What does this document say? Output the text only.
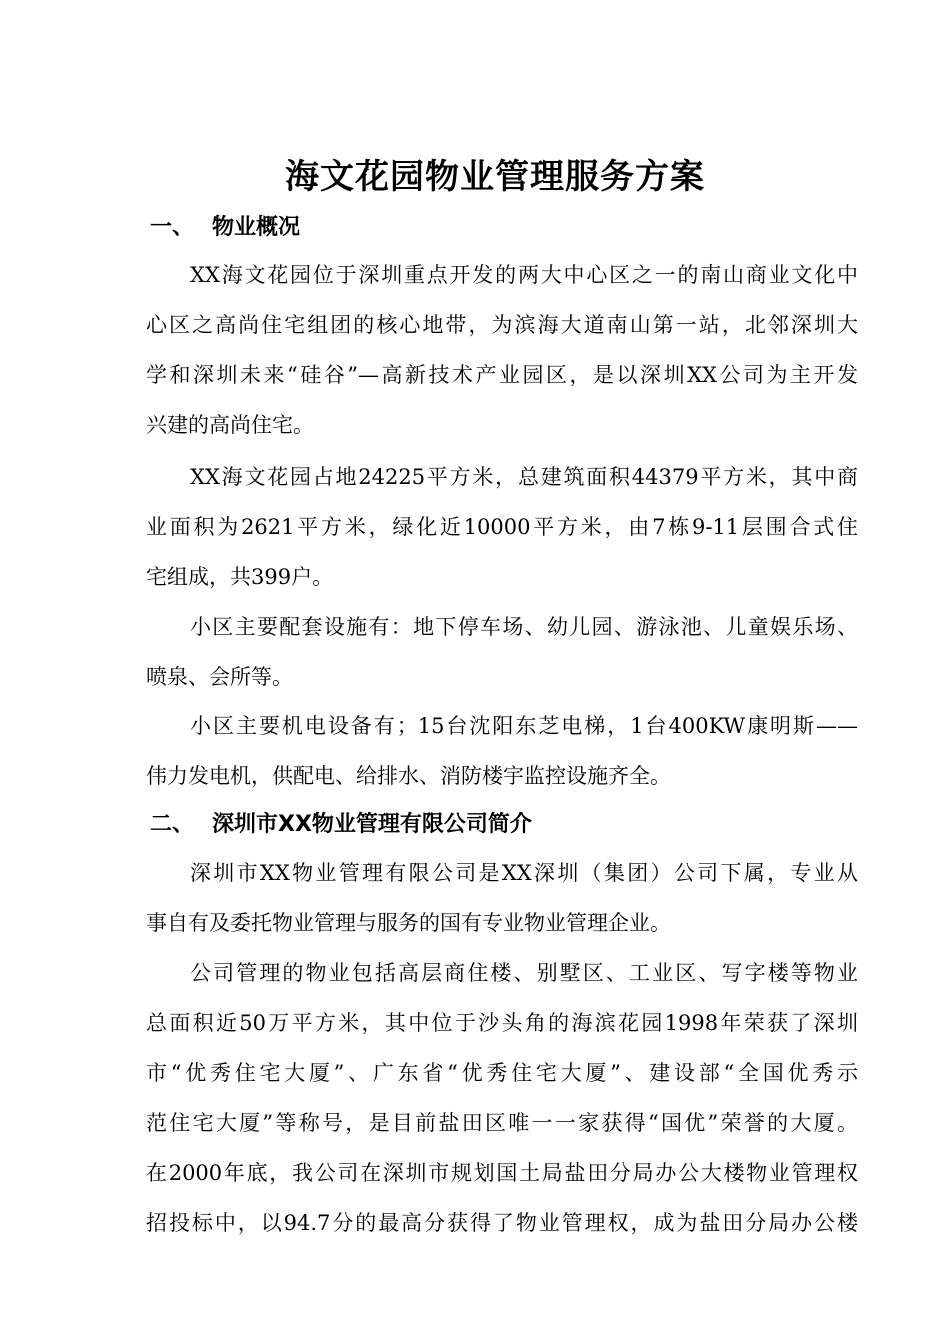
海文花园物业管理服务方案
一、 物业概况
XX海文花园位于深圳重点开发的两大中心区之一的南山商业文化中
心区之高尚住宅组团的核心地带，为滨海大道南山第一站，北邻深圳大
学和深圳未来“硅谷”—高新技术产业园区，是以深圳XX公司为主开发
兴建的高尚住宅。
XX海文花园占地24225平方米，总建筑面积44379平方米，其中商
业面积为2621平方米，绿化近10000平方米，由7栋9-11层围合式住
宅组成，共399户。
小区主要配套设施有：地下停车场、幼儿园、游泳池、儿童娱乐场、
喷泉、会所等。
小区主要机电设备有；15台沈阳东芝电梯，1台400KW康明斯——
伟力发电机，供配电、给排水、消防楼宇监控设施齐全。
二、 深圳市XX物业管理有限公司简介
深圳市XX物业管理有限公司是XX深圳（集团）公司下属，专业从
事自有及委托物业管理与服务的国有专业物业管理企业。
公司管理的物业包括高层商住楼、别墅区、工业区、写字楼等物业
总面积近50万平方米，其中位于沙头角的海滨花园1998年荣获了深圳
市“优秀住宅大厦”、广东省“优秀住宅大厦”、建设部“全国优秀示
范住宅大厦”等称号，是目前盐田区唯一一家获得“国优”荣誉的大厦。
在2000年底，我公司在深圳市规划国土局盐田分局办公大楼物业管理权
招投标中，以94.7分的最高分获得了物业管理权，成为盐田分局办公楼
